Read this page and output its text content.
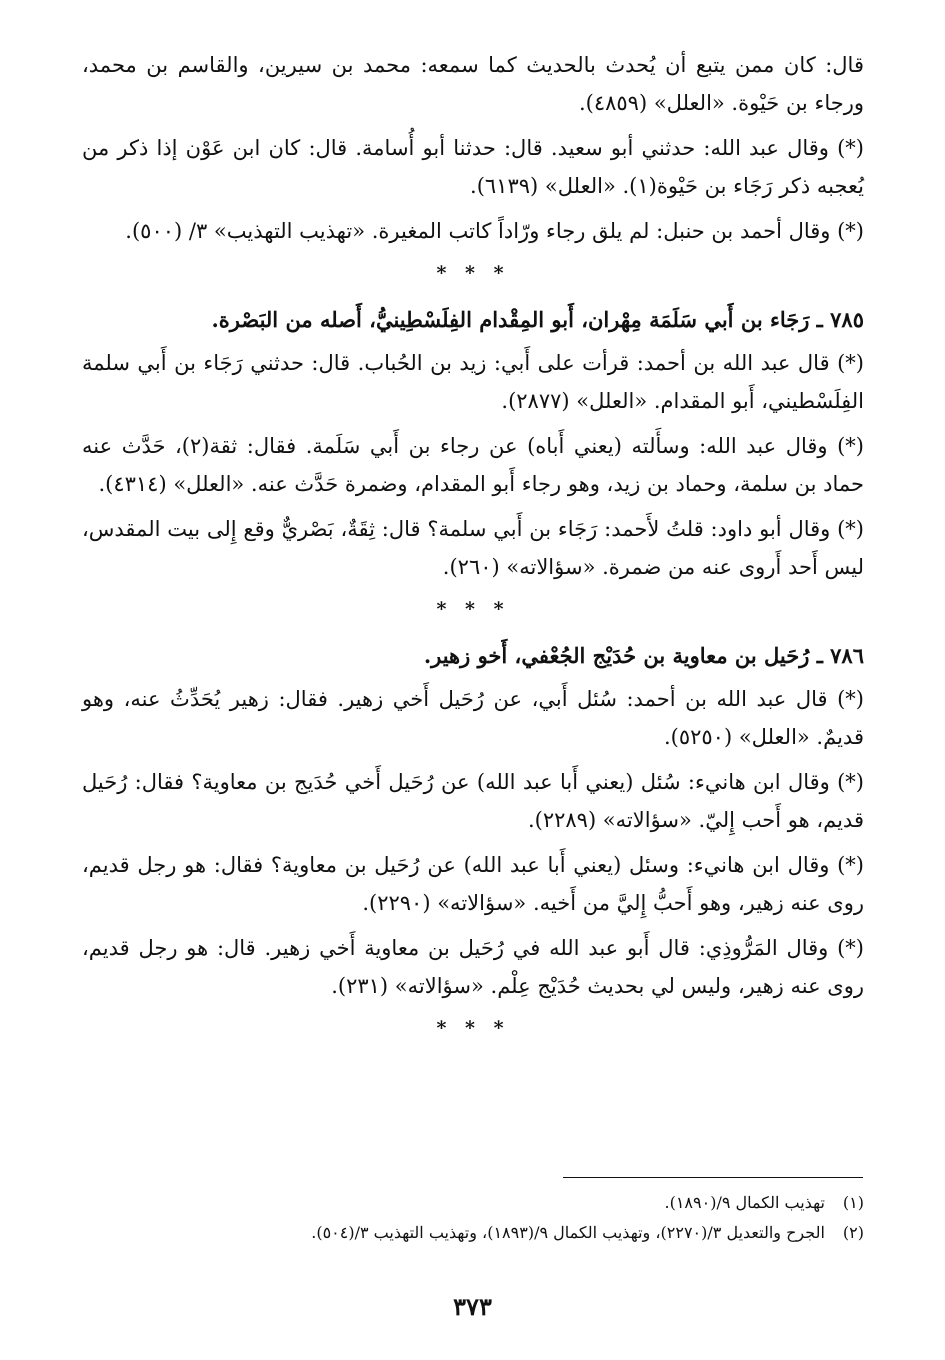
قال: كان ممن يتبع أن يُحدث بالحديث كما سمعه: محمد بن سيرين، والقاسم بن محمد، ورجاء بن حَيْوة. «العلل» (٤٨٥٩).

(*) وقال عبد الله: حدثني أبو سعيد. قال: حدثنا أبو أُسامة. قال: كان ابن عَوْن إذا ذكر من يُعجبه ذكر رَجَاء بن حَيْوة(١). «العلل» (٦١٣٩).

(*) وقال أحمد بن حنبل: لم يلق رجاء ورّاداً كاتب المغيرة. «تهذيب التهذيب» ٣/ (٥٠٠).

* * *
٧٨٥ ـ رَجَاء بن أَبي سَلَمَة مِهْران، أَبو المِقْدام الفِلَسْطِينيُّ، أَصله من البَصْرة.

(*) قال عبد الله بن أحمد: قرأت على أَبي: زيد بن الحُباب. قال: حدثني رَجَاء بن أَبي سلمة الفِلَسْطيني، أَبو المقدام. «العلل» (٢٨٧٧).

(*) وقال عبد الله: وسأَلته (يعني أَباه) عن رجاء بن أَبي سَلَمة. فقال: ثقة(٢)، حَدَّث عنه حماد بن سلمة، وحماد بن زيد، وهو رجاء أَبو المقدام، وضمرة حَدَّث عنه. «العلل» (٤٣١٤).

(*) وقال أبو داود: قلتُ لأَحمد: رَجَاء بن أَبي سلمة؟ قال: ثِقَةٌ، بَصْريٌّ وقع إِلى بيت المقدس، ليس أَحد أَروى عنه من ضمرة. «سؤالاته» (٢٦٠).

* * *
٧٨٦ ـ رُحَيل بن معاوية بن حُدَيْج الجُعْفي، أَخو زهير.

(*) قال عبد الله بن أحمد: سُئل أَبي، عن رُحَيل أَخي زهير. فقال: زهير يُحَدِّثُ عنه، وهو قديمٌ. «العلل» (٥٢٥٠).

(*) وقال ابن هانيء: سُئل (يعني أَبا عبد الله) عن رُحَيل أَخي حُدَيج بن معاوية؟ فقال: رُحَيل قديم، هو أَحب إِليّ. «سؤالاته» (٢٢٨٩).

(*) وقال ابن هانيء: وسئل (يعني أَبا عبد الله) عن رُحَيل بن معاوية؟ فقال: هو رجل قديم، روى عنه زهير، وهو أَحبُّ إِليَّ من أَخيه. «سؤالاته» (٢٢٩٠).

(*) وقال المَرُّوذِي: قال أَبو عبد الله في رُحَيل بن معاوية أَخي زهير. قال: هو رجل قديم، روى عنه زهير، وليس لي بحديث حُدَيْج عِلْم. «سؤالاته» (٢٣١).

* * *

(١) تهذيب الكمال ٩/(١٨٩٠).

(٢) الجرح والتعديل ٣/(٢٢٧٠)، وتهذيب الكمال ٩/(١٨٩٣)، وتهذيب التهذيب ٣/(٥٠٤).

٣٧٣
